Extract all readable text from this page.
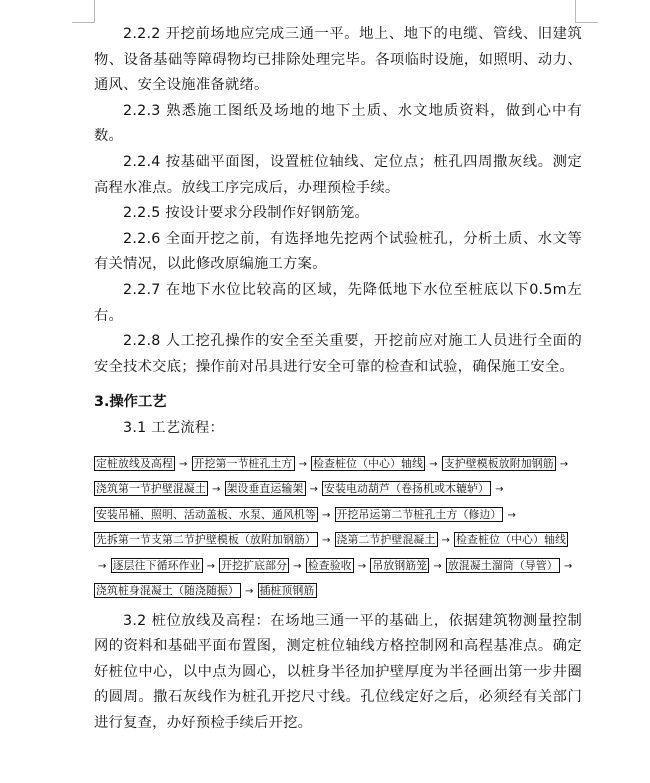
2.2.2 开挖前场地应完成三通一平。地上、地下的电缆、管线、旧建筑物、设备基础等障碍物均已排除处理完毕。各项临时设施，如照明、动力、通风、安全设施准备就绪。

2.2.3 熟悉施工图纸及场地的地下土质、水文地质资料，做到心中有数。

2.2.4 按基础平面图，设置桩位轴线、定位点；桩孔四周撒灰线。测定高程水准点。放线工序完成后，办理预检手续。

2.2.5 按设计要求分段制作好钢筋笼。

2.2.6 全面开挖之前，有选择地先挖两个试验桩孔，分析土质、水文等有关情况，以此修改原编施工方案。

2.2.7 在地下水位比较高的区域，先降低地下水位至桩底以下0.5m左右。

2.2.8 人工挖孔操作的安全至关重要，开挖前应对施工人员进行全面的安全技术交底；操作前对吊具进行安全可靠的检查和试验，确保施工安全。

3.操作工艺

3.1 工艺流程：

定桩放线及高程 → 开挖第一节桩孔土方 → 检查桩位（中心）轴线 → 支护壁模板放附加钢筋 →浇筑第一节护壁混凝土 → 架设垂直运输架 → 安装电动葫芦（卷扬机或木辘轳） →安装吊桶、照明、活动盖板、水泵、通风机等 → 开挖吊运第二节桩孔土方（修边） →先拆第一节支第二节护壁模板（放附加钢筋） → 浇第二节护壁混凝土 → 检查桩位（中心）轴线→ 逐层往下循环作业 → 开挖扩底部分 → 检查验收 → 吊放钢筋笼 → 放混凝土溜筒（导管） →浇筑桩身混凝土（随浇随振） → 插桩顶钢筋

3.2 桩位放线及高程：在场地三通一平的基础上，依据建筑物测量控制网的资料和基础平面布置图，测定桩位轴线方格控制网和高程基准点。确定好桩位中心，以中点为圆心，以桩身半径加护壁厚度为半径画出第一步井圈的圆周。撒石灰线作为桩孔开挖尺寸线。孔位线定好之后，必须经有关部门进行复查，办好预检手续后开挖。
